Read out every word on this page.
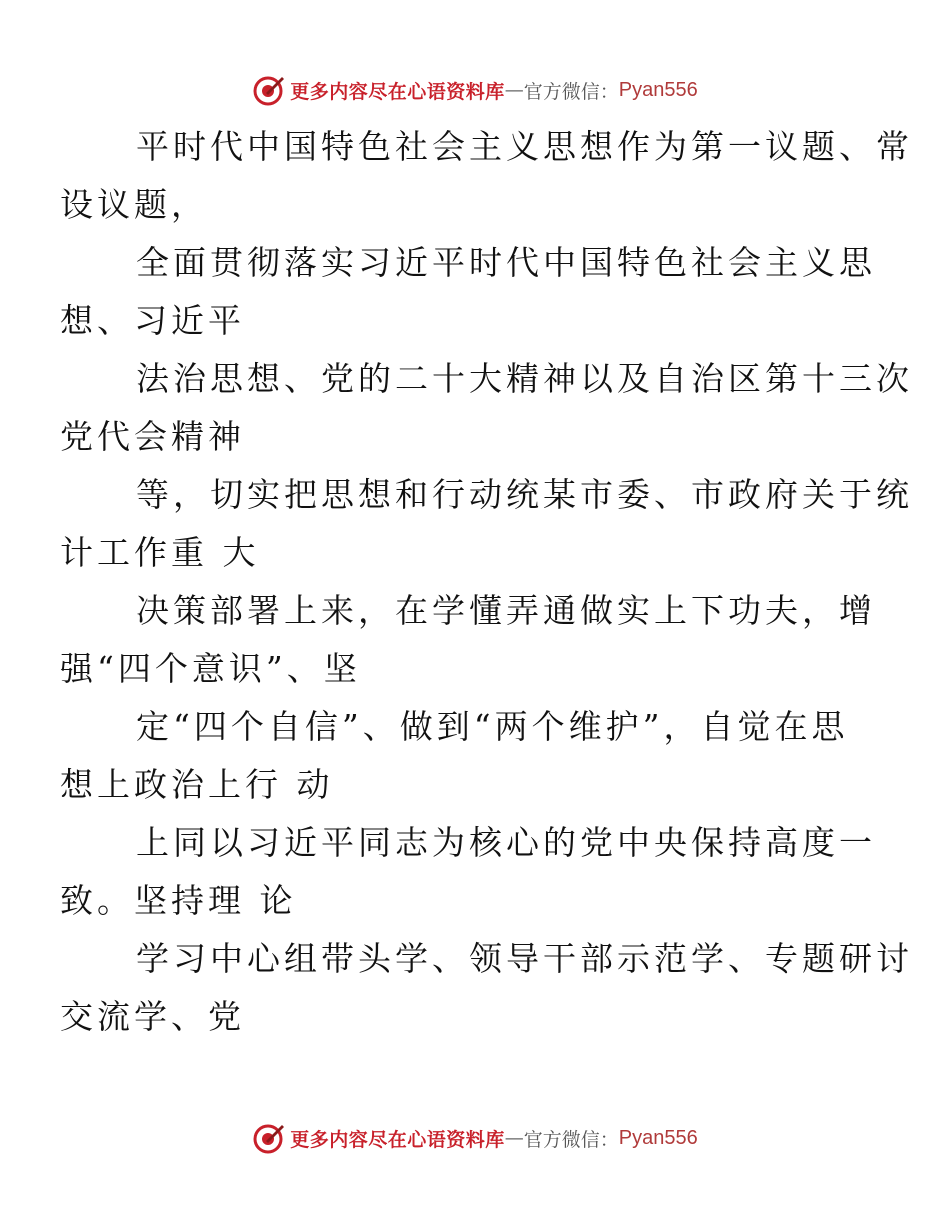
更多内容尽在心语资料库 — 官方微信： Pyan556

平时代中国特色社会主义思想作为第一议题、常
设议题，

全面贯彻落实习近平时代中国特色社会主义思
想、习近平

法治思想、党的二十大精神以及自治区第十三次
党代会精神

等，切实把思想和行动统某市委、市政府关于统
计工作重 大

决策部署上来，在学懂弄通做实上下功夫，增
强“四个意识”、坚

定“四个自信”、做到“两个维护”，自觉在思
想上政治上行 动

上同以习近平同志为核心的党中央保持高度一
致。坚持理 论

学习中心组带头学、领导干部示范学、专题研讨
交流学、党

更多内容尽在心语资料库 — 官方微信： Pyan556
